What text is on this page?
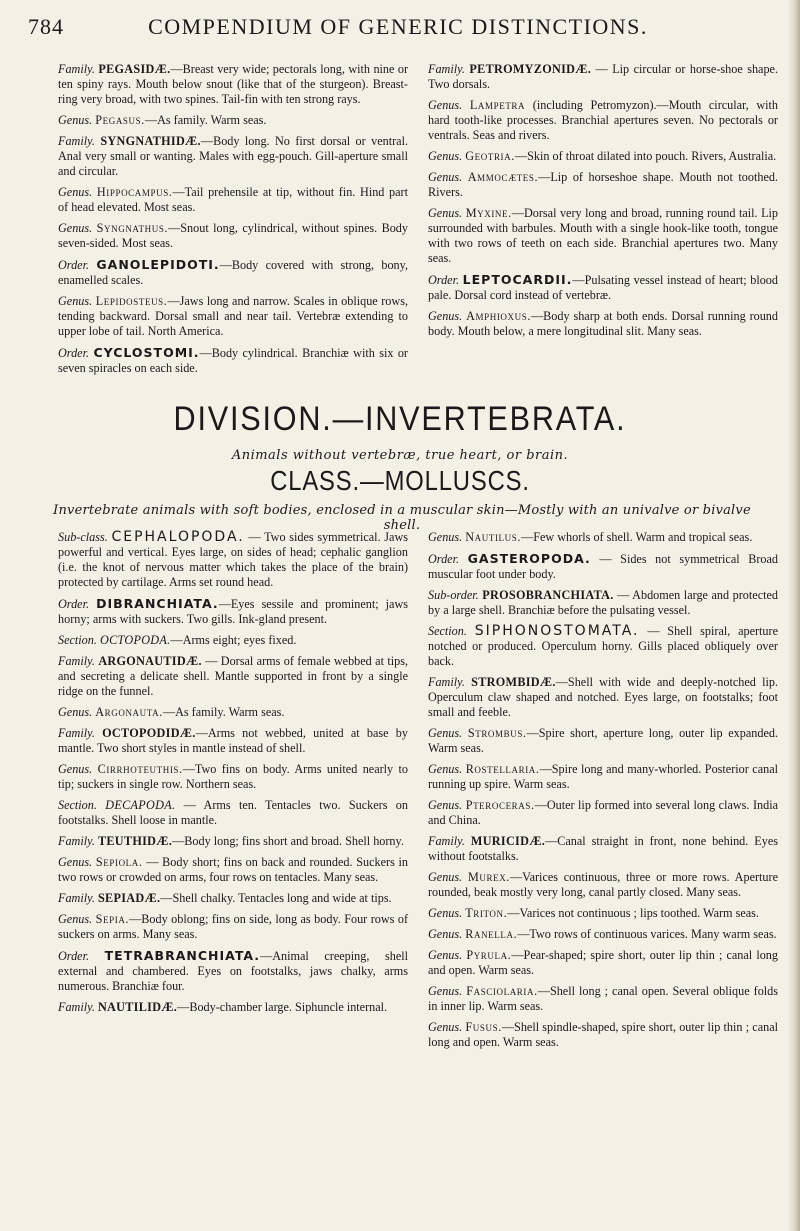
784	COMPENDIUM OF GENERIC DISTINCTIONS.

Family. PEGASIDÆ.—Breast very wide; pectorals long, with nine or ten spiny rays. Mouth below snout (like that of the sturgeon). Breast-ring very broad, with two spines. Tail-fin with ten strong rays.

Genus. Pegasus.—As family. Warm seas.

Family. SYNGNATHIDÆ.—Body long. No first dorsal or ventral. Anal very small or wanting. Males with egg-pouch. Gill-aperture small and circular.

Genus. Hippocampus.—Tail prehensile at tip, without fin. Hind part of head elevated. Most seas.

Genus. Syngnathus.—Snout long, cylindrical, without spines. Body seven-sided. Most seas.

Order. GANOLEPIDOTI.—Body covered with strong, bony, enamelled scales.

Genus. Lepidosteus.—Jaws long and narrow. Scales in oblique rows, tending backward. Dorsal small and near tail. Vertebræ extending to upper lobe of tail. North America.

Order. CYCLOSTOMI.—Body cylindrical. Branchiæ with six or seven spiracles on each side.

Family. PETROMYZONIDÆ. — Lip circular or horse-shoe shape. Two dorsals.

Genus. Lampetra (including Petromyzon).—Mouth circular, with hard tooth-like processes. Branchial apertures seven. No pectorals or ventrals. Seas and rivers.

Genus. Geotria.—Skin of throat dilated into pouch. Rivers, Australia.

Genus. Ammocætes.—Lip of horseshoe shape. Mouth not toothed. Rivers.

Genus. Myxine.—Dorsal very long and broad, running round tail. Lip surrounded with barbules. Mouth with a single hook-like tooth, tongue with two rows of teeth on each side. Branchial apertures two. Many seas.

Order. LEPTOCARDII.—Pulsating vessel instead of heart; blood pale. Dorsal cord instead of vertebræ.

Genus. Amphioxus.—Body sharp at both ends. Dorsal running round body. Mouth below, a mere longitudinal slit. Many seas.

DIVISION.—INVERTEBRATA.
Animals without vertebræ, true heart, or brain.
CLASS.—MOLLUSCS.
Invertebrate animals with soft bodies, enclosed in a muscular skin—Mostly with an univalve or bivalve shell.

Sub-class. CEPHALOPODA. — Two sides symmetrical. Jaws powerful and vertical. Eyes large, on sides of head; cephalic ganglion (i.e. the knot of nervous matter which takes the place of the brain) protected by cartilage. Arms set round head.

Order. DIBRANCHIATA.—Eyes sessile and prominent; jaws horny; arms with suckers. Two gills. Ink-gland present.

Section. OCTOPODA.—Arms eight; eyes fixed.

Family. ARGONAUTIDÆ. — Dorsal arms of female webbed at tips, and secreting a delicate shell. Mantle supported in front by a single ridge on the funnel.

Genus. Argonauta.—As family. Warm seas.

Family. OCTOPODIDÆ.—Arms not webbed, united at base by mantle. Two short styles in mantle instead of shell.

Genus. Cirrhoteuthis.—Two fins on body. Arms united nearly to tip; suckers in single row. Northern seas.

Section. DECAPODA. — Arms ten. Tentacles two. Suckers on footstalks. Shell loose in mantle.

Family. TEUTHIDÆ.—Body long; fins short and broad. Shell horny.

Genus. Sepiola. — Body short; fins on back and rounded. Suckers in two rows or crowded on arms, four rows on tentacles. Many seas.

Family. SEPIADÆ.—Shell chalky. Tentacles long and wide at tips.

Genus. Sepia.—Body oblong; fins on side, long as body. Four rows of suckers on arms. Many seas.

Order. TETRABRANCHIATA.—Animal creeping, shell external and chambered. Eyes on footstalks, jaws chalky, arms numerous. Branchiæ four.

Family. NAUTILIDÆ.—Body-chamber large. Siphuncle internal.

Genus. Nautilus.—Few whorls of shell. Warm and tropical seas.

Order. GASTEROPODA. — Sides not symmetrical Broad muscular foot under body.

Sub-order. PROSOBRANCHIATA. — Abdomen large and protected by a large shell. Branchiæ before the pulsating vessel.

Section. SIPHONOSTOMATA. — Shell spiral, aperture notched or produced. Operculum horny. Gills placed obliquely over back.

Family. STROMBIDÆ.—Shell with wide and deeply-notched lip. Operculum claw shaped and notched. Eyes large, on footstalks; foot small and feeble.

Genus. Strombus.—Spire short, aperture long, outer lip expanded. Warm seas.

Genus. Rostellaria.—Spire long and many-whorled. Posterior canal running up spire. Warm seas.

Genus. Pteroceras.—Outer lip formed into several long claws. India and China.

Family. MURICIDÆ.—Canal straight in front, none behind. Eyes without footstalks.

Genus. Murex.—Varices continuous, three or more rows. Aperture rounded, beak mostly very long, canal partly closed. Many seas.

Genus. Triton.—Varices not continuous ; lips toothed. Warm seas.

Genus. Ranella.—Two rows of continuous varices. Many warm seas.

Genus. Pyrula.—Pear-shaped; spire short, outer lip thin ; canal long and open. Warm seas.

Genus. Fasciolaria.—Shell long ; canal open. Several oblique folds in inner lip. Warm seas.

Genus. Fusus.—Shell spindle-shaped, spire short, outer lip thin ; canal long and open. Warm seas.
